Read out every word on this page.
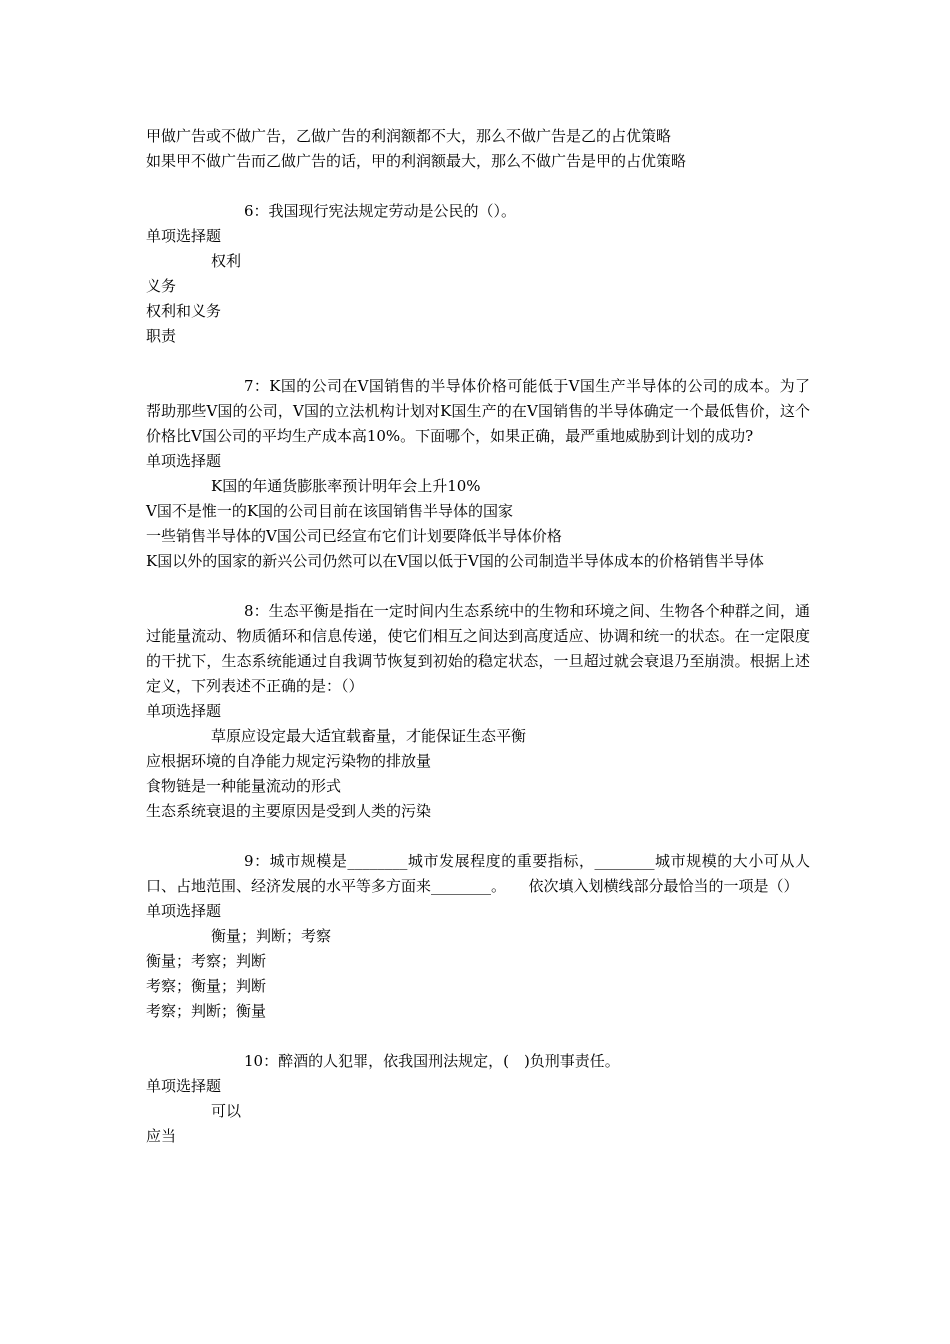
甲做广告或不做广告，乙做广告的利润额都不大，那么不做广告是乙的占优策略
如果甲不做广告而乙做广告的话，甲的利润额最大，那么不做广告是甲的占优策略
6：我国现行宪法规定劳动是公民的（）。
单项选择题
权利
义务
权利和义务
职责
7：K国的公司在V国销售的半导体价格可能低于V国生产半导体的公司的成本。为了帮助那些V国的公司，V国的立法机构计划对K国生产的在V国销售的半导体确定一个最低售价，这个价格比V国公司的平均生产成本高10%。下面哪个，如果正确，最严重地威胁到计划的成功?
单项选择题
K国的年通货膨胀率预计明年会上升10%
V国不是惟一的K国的公司目前在该国销售半导体的国家
一些销售半导体的V国公司已经宣布它们计划要降低半导体价格
K国以外的国家的新兴公司仍然可以在V国以低于V国的公司制造半导体成本的价格销售半导体
8：生态平衡是指在一定时间内生态系统中的生物和环境之间、生物各个种群之间，通过能量流动、物质循环和信息传递，使它们相互之间达到高度适应、协调和统一的状态。在一定限度的干扰下，生态系统能通过自我调节恢复到初始的稳定状态，一旦超过就会衰退乃至崩溃。根据上述定义，下列表述不正确的是：（）
单项选择题
草原应设定最大适宜载畜量，才能保证生态平衡
应根据环境的自净能力规定污染物的排放量
食物链是一种能量流动的形式
生态系统衰退的主要原因是受到人类的污染
9：城市规模是________城市发展程度的重要指标，________城市规模的大小可从人口、占地范围、经济发展的水平等多方面来________。　　依次填入划横线部分最恰当的一项是（）
单项选择题
衡量；判断；考察
衡量；考察；判断
考察；衡量；判断
考察；判断；衡量
10：醉酒的人犯罪，依我国刑法规定，(　)负刑事责任。
单项选择题
可以
应当
